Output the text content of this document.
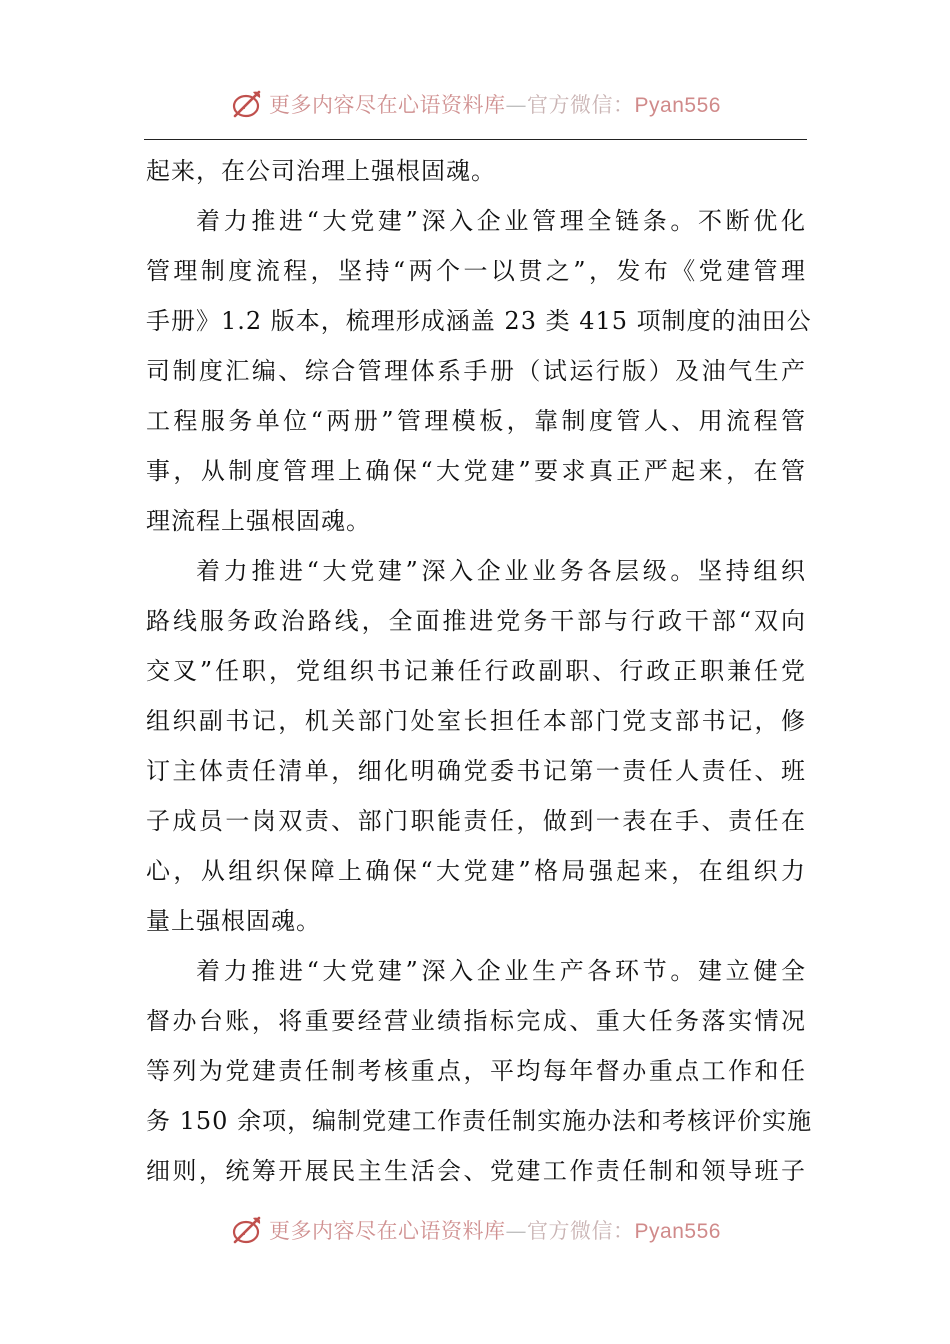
更多内容尽在心语资料库—官方微信：Pyan556
起来，在公司治理上强根固魂。
着力推进“大党建”深入企业管理全链条。不断优化
管理制度流程，坚持“两个一以贯之”，发布《党建管理
手册》1.2 版本，梳理形成涵盖 23 类 415 项制度的油田公
司制度汇编、综合管理体系手册（试运行版）及油气生产
工程服务单位“两册”管理模板，靠制度管人、用流程管
事，从制度管理上确保“大党建”要求真正严起来，在管
理流程上强根固魂。
着力推进“大党建”深入企业业务各层级。坚持组织
路线服务政治路线，全面推进党务干部与行政干部“双向
交叉”任职，党组织书记兼任行政副职、行政正职兼任党
组织副书记，机关部门处室长担任本部门党支部书记，修
订主体责任清单，细化明确党委书记第一责任人责任、班
子成员一岗双责、部门职能责任，做到一表在手、责任在
心，从组织保障上确保“大党建”格局强起来，在组织力
量上强根固魂。
着力推进“大党建”深入企业生产各环节。建立健全
督办台账，将重要经营业绩指标完成、重大任务落实情况
等列为党建责任制考核重点，平均每年督办重点工作和任
务 150 余项，编制党建工作责任制实施办法和考核评价实施
细则，统筹开展民主生活会、党建工作责任制和领导班子
更多内容尽在心语资料库—官方微信：Pyan556
